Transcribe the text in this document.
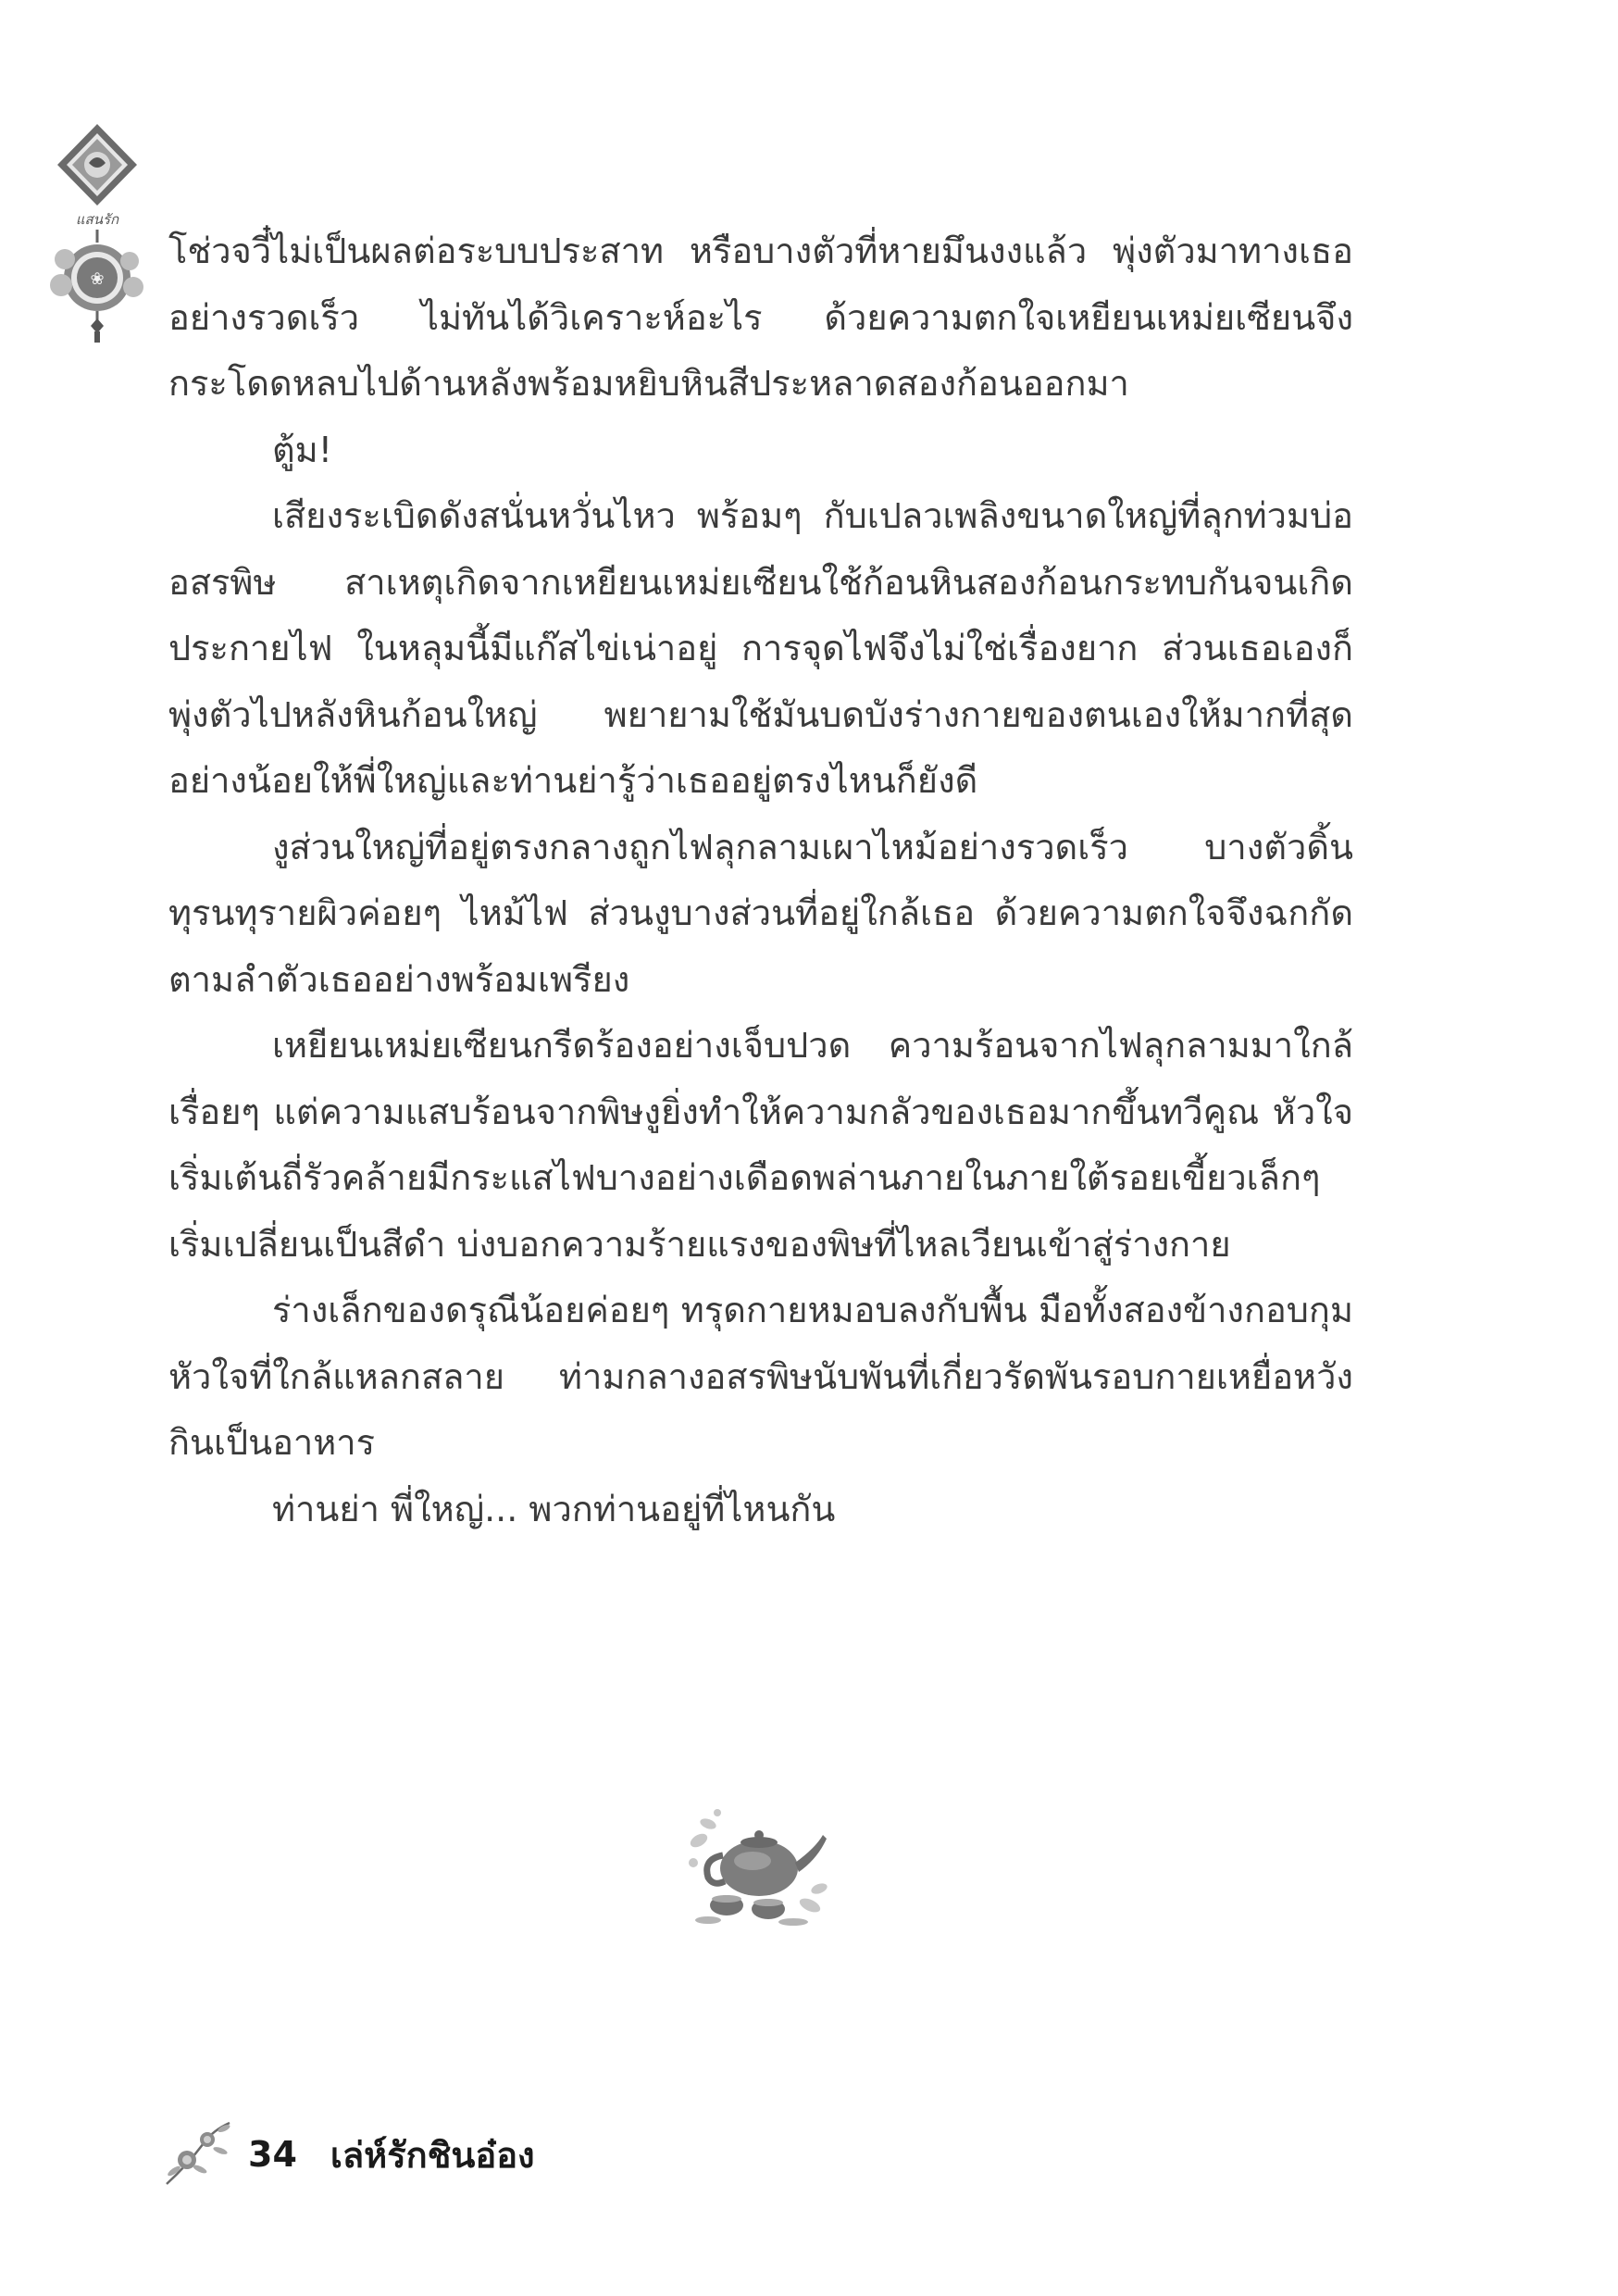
แสนรัก
❀

โช่วจวี๋ไม่เป็นผลต่อระบบประสาท หรือบางตัวที่หายมึนงงแล้ว พุ่งตัวมาทางเธออย่างรวดเร็ว ไม่ทันได้วิเคราะห์อะไร ด้วยความตกใจเหยียนเหม่ยเซียนจึงกระโดดหลบไปด้านหลังพร้อมหยิบหินสีประหลาดสองก้อนออกมา

ตู้ม!

เสียงระเบิดดังสนั่นหวั่นไหว พร้อมๆ กับเปลวเพลิงขนาดใหญ่ที่ลุกท่วมบ่ออสรพิษ สาเหตุเกิดจากเหยียนเหม่ยเซียนใช้ก้อนหินสองก้อนกระทบกันจนเกิดประกายไฟ ในหลุมนี้มีแก๊สไข่เน่าอยู่ การจุดไฟจึงไม่ใช่เรื่องยาก ส่วนเธอเองก็พุ่งตัวไปหลังหินก้อนใหญ่ พยายามใช้มันบดบังร่างกายของตนเองให้มากที่สุด อย่างน้อยให้พี่ใหญ่และท่านย่ารู้ว่าเธออยู่ตรงไหนก็ยังดี

งูส่วนใหญ่ที่อยู่ตรงกลางถูกไฟลุกลามเผาไหม้อย่างรวดเร็ว บางตัวดิ้นทุรนทุรายผิวค่อยๆ ไหม้ไฟ ส่วนงูบางส่วนที่อยู่ใกล้เธอ ด้วยความตกใจจึงฉกกัดตามลำตัวเธออย่างพร้อมเพรียง

เหยียนเหม่ยเซียนกรีดร้องอย่างเจ็บปวด ความร้อนจากไฟลุกลามมาใกล้เรื่อยๆ แต่ความแสบร้อนจากพิษงูยิ่งทำให้ความกลัวของเธอมากขึ้นทวีคูณ หัวใจเริ่มเต้นถี่รัวคล้ายมีกระแสไฟบางอย่างเดือดพล่านภายในภายใต้รอยเขี้ยวเล็กๆ เริ่มเปลี่ยนเป็นสีดำ บ่งบอกความร้ายแรงของพิษที่ไหลเวียนเข้าสู่ร่างกาย

ร่างเล็กของดรุณีน้อยค่อยๆ ทรุดกายหมอบลงกับพื้น มือทั้งสองข้างกอบกุมหัวใจที่ใกล้แหลกสลาย ท่ามกลางอสรพิษนับพันที่เกี่ยวรัดพันรอบกายเหยื่อหวังกินเป็นอาหาร

ท่านย่า พี่ใหญ่... พวกท่านอยู่ที่ไหนกัน

34 เล่ห์รักชินอ๋อง
